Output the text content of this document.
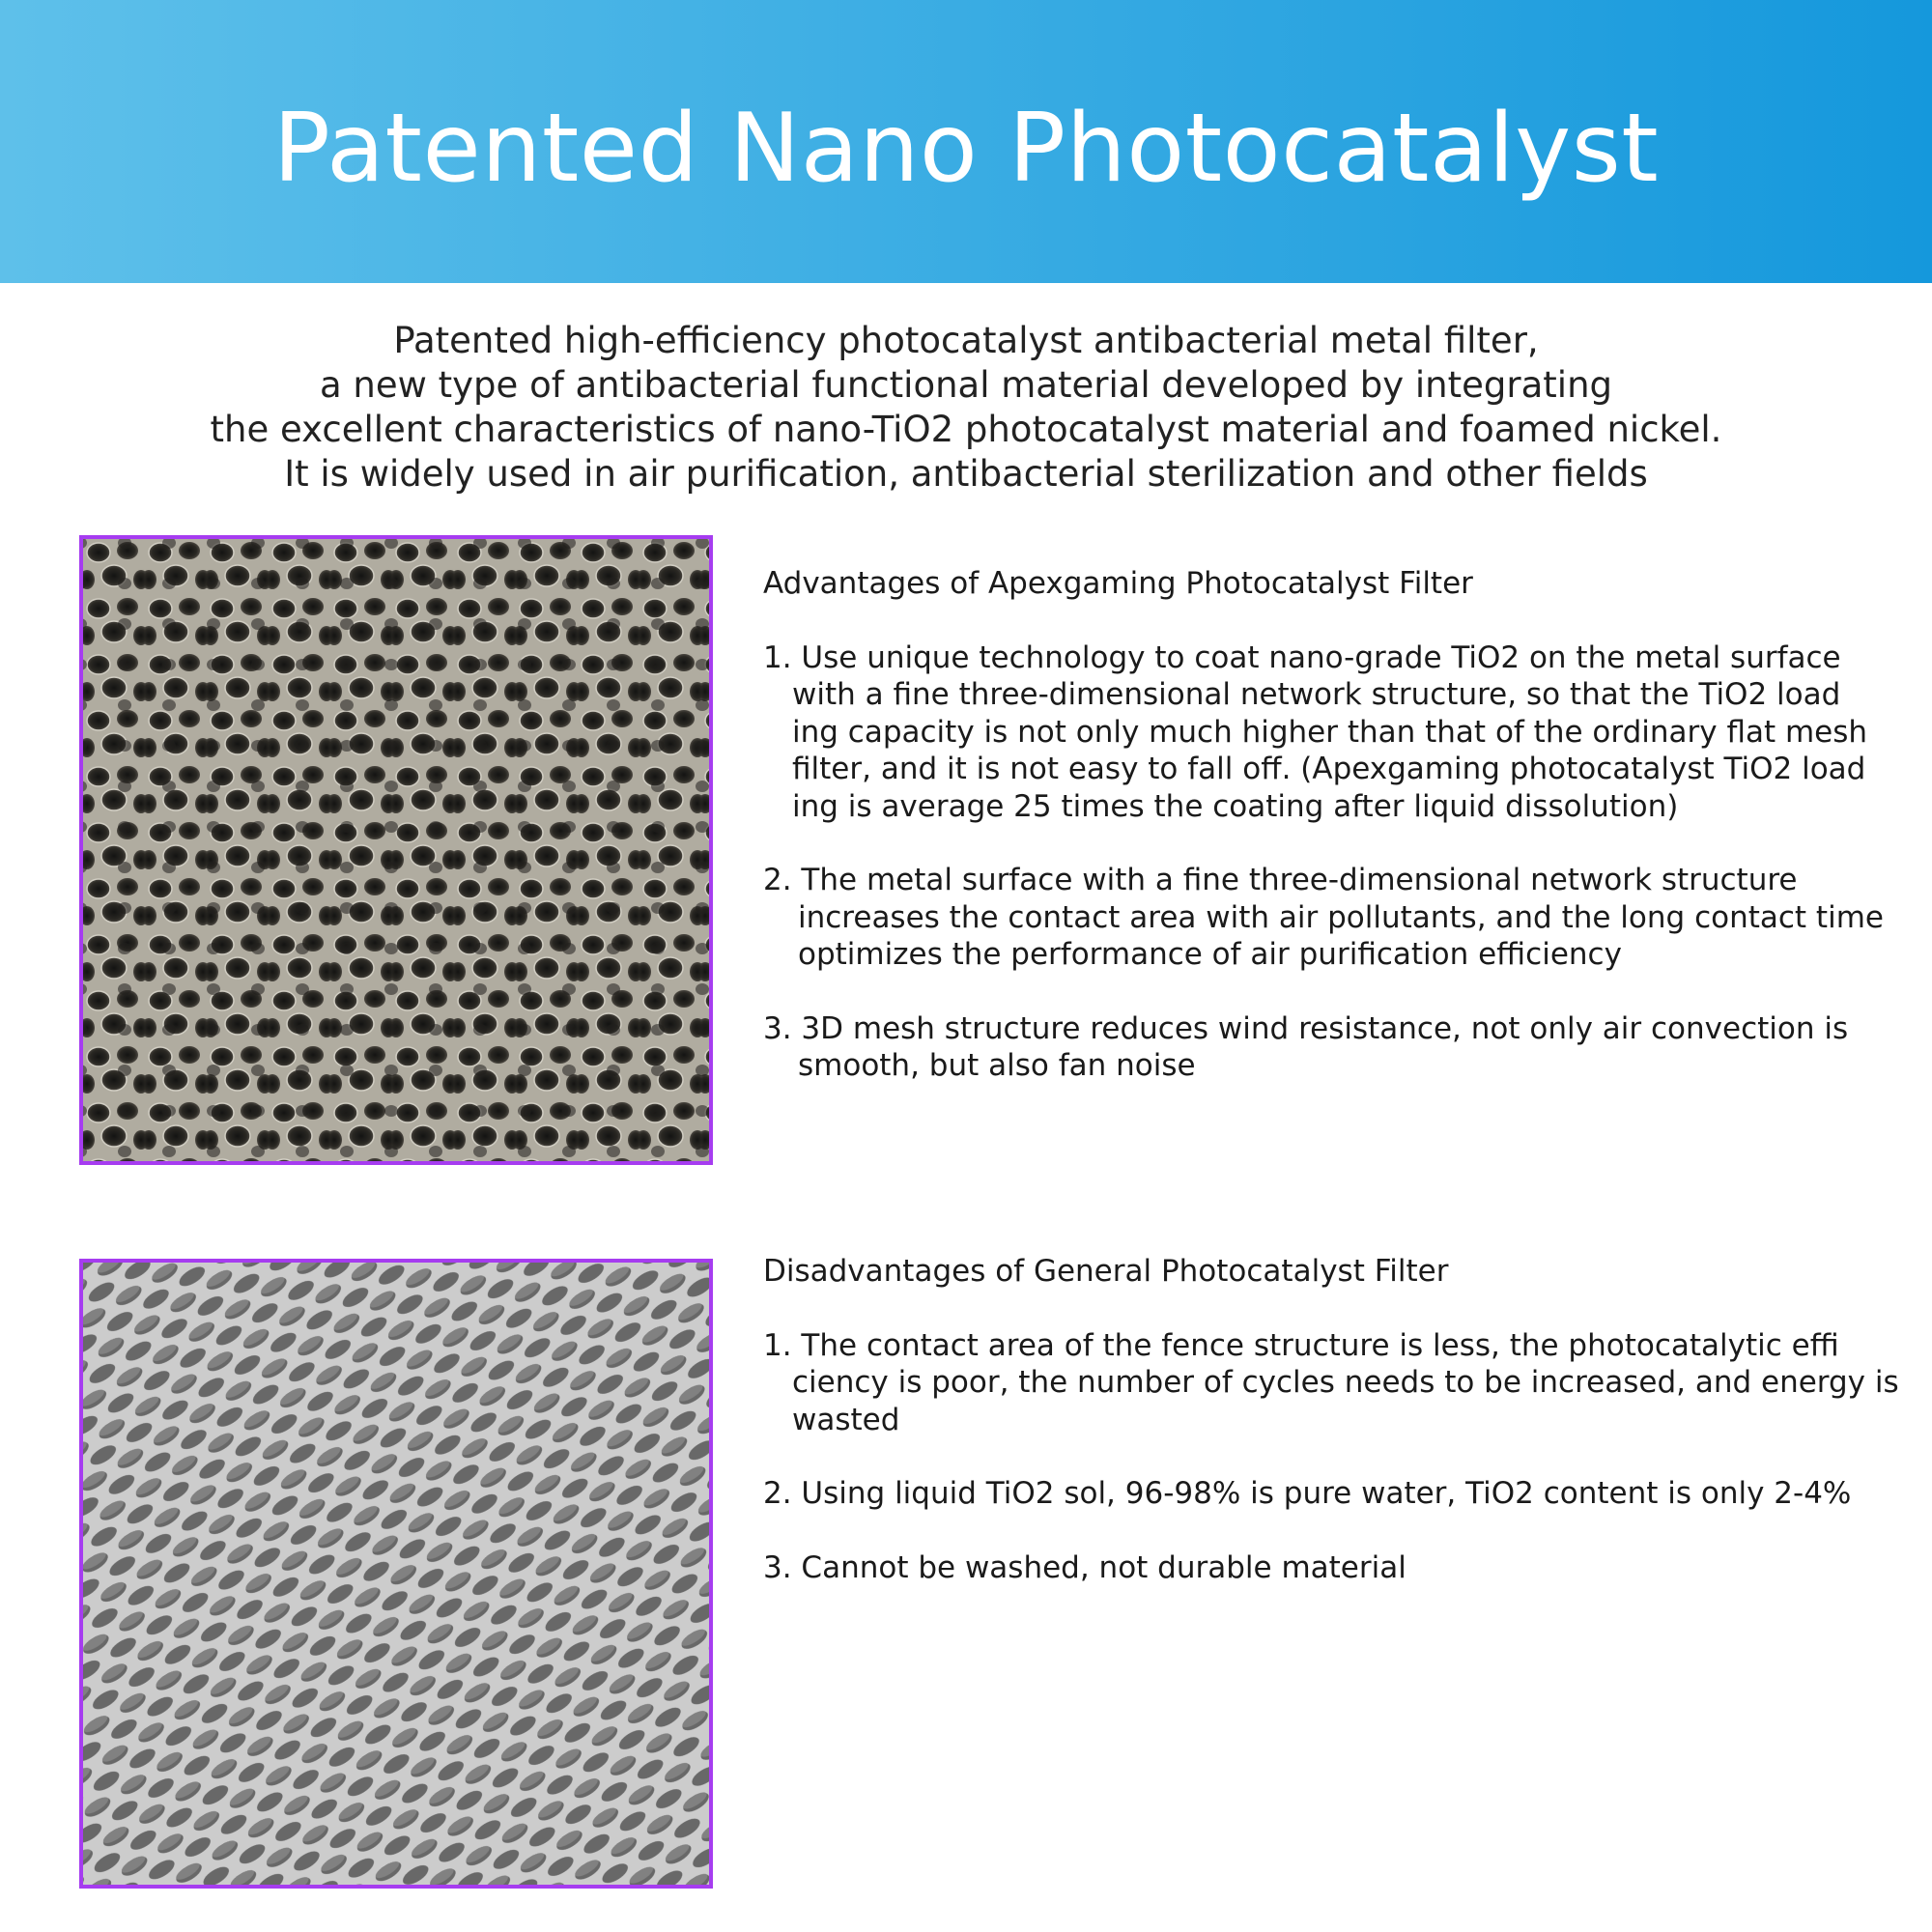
Patented Nano Photocatalyst
Patented high-efficiency photocatalyst antibacterial metal filter,
a new type of antibacterial functional material developed by integrating
the excellent characteristics of nano-TiO2 photocatalyst material and foamed nickel.
It is widely used in air purification, antibacterial sterilization and other fields
Advantages of Apexgaming Photocatalyst Filter
1. Use unique technology to coat nano-grade TiO2 on the metal surface
with a fine three-dimensional network structure, so that the TiO2 load
ing capacity is not only much higher than that of the ordinary flat mesh
filter, and it is not easy to fall off. (Apexgaming photocatalyst TiO2 load
ing is average 25 times the coating after liquid dissolution)
2. The metal surface with a fine three-dimensional network structure
increases the contact area with air pollutants, and the long contact time
optimizes the performance of air purification efficiency
3. 3D mesh structure reduces wind resistance, not only air convection is
smooth, but also fan noise
Disadvantages of General Photocatalyst Filter
1. The contact area of the fence structure is less, the photocatalytic effi
ciency is poor, the number of cycles needs to be increased, and energy is
wasted
2. Using liquid TiO2 sol, 96-98% is pure water, TiO2 content is only 2-4%
3. Cannot be washed, not durable material
